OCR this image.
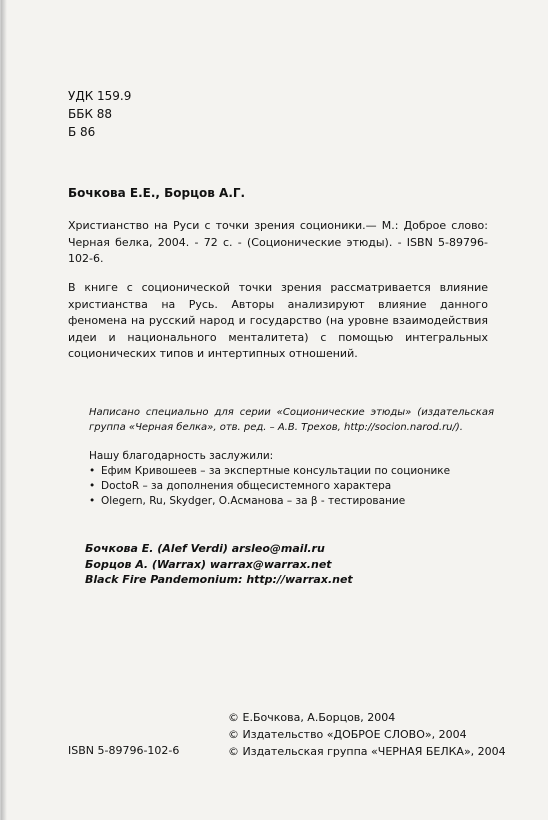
УДК 159.9
ББК 88
Б 86
Бочкова Е.Е., Борцов А.Г.
Христианство на Руси с точки зрения соционики.— М.: Доброе слово: Черная белка, 2004. - 72 с. - (Соционические этюды). - ISBN 5-89796-102-6.
В книге с соционической точки зрения рассматривается влияние христианства на Русь. Авторы анализируют влияние данного феномена на русский народ и государство (на уровне взаимодействия идеи и национального менталитета) с помощью интегральных соционических типов и интертипных отношений.
Написано специально для серии «Соционические этюды» (издательская группа «Черная белка», отв. ред. – А.В. Трехов, http://socion.narod.ru/).
Нашу благодарность заслужили:
• Ефим Кривошеев – за экспертные консультации по соционике
• DoctoR – за дополнения общесистемного характера
• Olegern, Ru, Skydger, О.Асманова – за β - тестирование
Бочкова Е. (Alef Verdi) arsleo@mail.ru
Борцов А. (Warrax) warrax@warrax.net
Black Fire Pandemonium: http://warrax.net
© Е.Бочкова, А.Борцов, 2004
© Издательство «ДОБРОЕ СЛОВО», 2004
© Издательская группа «ЧЕРНАЯ БЕЛКА», 2004
ISBN 5-89796-102-6
